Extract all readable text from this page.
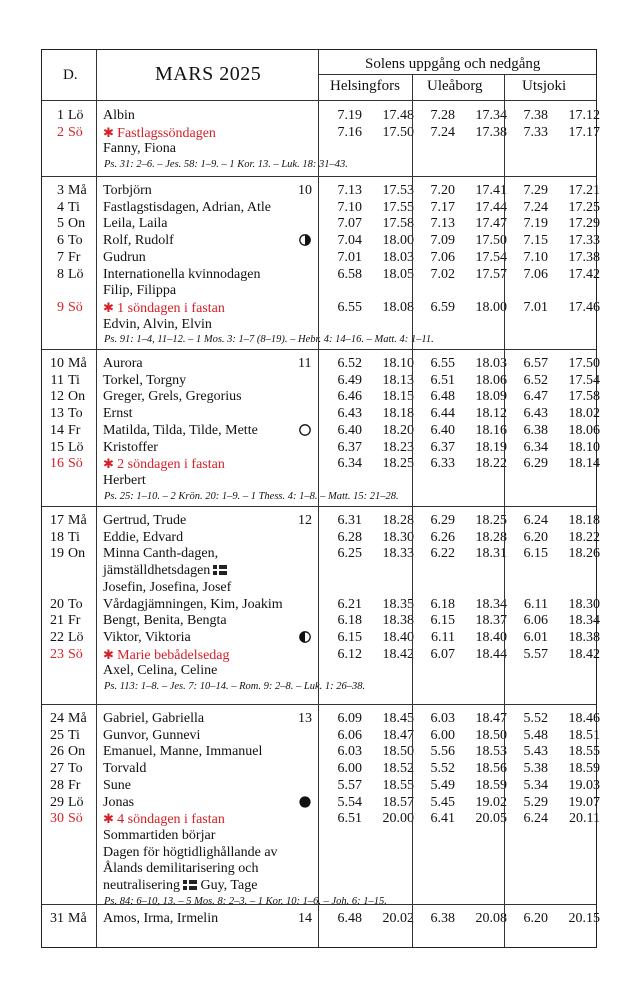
D.	MARS 2025	Solens uppgång och nedgång
Helsingfors Uleåborg	Utsjoki
1 Lö Albin	7.19	17.48	7.28	17.34	7.38	17.12
2 Sö ✱ Fastlagssöndagen	7.16	17.50	7.24	17.38	7.33	17.17
Fanny, Fiona
Ps. 31: 2–6. – Jes. 58: 1–9. – 1 Kor. 13. – Luk. 18: 31–43.
3 Må Torbjörn	10	7.13	17.53	7.20	17.41	7.29	17.21
4 Ti Fastlagstisdagen, Adrian, Atle	7.10	17.55	7.17	17.44	7.24	17.25
5 On Leila, Laila	7.07	17.58	7.13	17.47	7.19	17.29
6 To Rolf, Rudolf	7.04	18.00	7.09	17.50	7.15	17.33
7 Fr Gudrun	7.01	18.03	7.06	17.54	7.10	17.38
8 Lö Internationella kvinnodagen	6.58	18.05	7.02	17.57	7.06	17.42
Filip, Filippa
9 Sö ✱ 1 söndagen i fastan	6.55	18.08	6.59	18.00	7.01	17.46
Edvin, Alvin, Elvin
Ps. 91: 1–4, 11–12. – 1 Mos. 3: 1–7 (8–19). – Hebr. 4: 14–16. – Matt. 4: 1–11.
10 Må Aurora	11	6.52	18.10	6.55	18.03	6.57	17.50
11 Ti Torkel, Torgny	6.49	18.13	6.51	18.06	6.52	17.54
12 On Greger, Grels, Gregorius	6.46	18.15	6.48	18.09	6.47	17.58
13 To Ernst	6.43	18.18	6.44	18.12	6.43	18.02
14 Fr Matilda, Tilda, Tilde, Mette	6.40	18.20	6.40	18.16	6.38	18.06
15 Lö Kristoffer	6.37	18.23	6.37	18.19	6.34	18.10
16 Sö ✱ 2 söndagen i fastan	6.34	18.25	6.33	18.22	6.29	18.14
Herbert
Ps. 25: 1–10. – 2 Krön. 20: 1–9. – 1 Thess. 4: 1–8. – Matt. 15: 21–28.
17 Må Gertrud, Trude	12	6.31	18.28	6.29	18.25	6.24	18.18
18 Ti Eddie, Edvard	6.28	18.30	6.26	18.28	6.20	18.22
19 On Minna Canth-dagen,	6.25	18.33	6.22	18.31	6.15	18.26
jämställdhetsdagen
Josefin, Josefina, Josef
20 To Vårdagjämningen, Kim, Joakim	6.21	18.35	6.18	18.34	6.11	18.30
21 Fr Bengt, Benita, Bengta	6.18	18.38	6.15	18.37	6.06	18.34
22 Lö Viktor, Viktoria	6.15	18.40	6.11	18.40	6.01	18.38
23 Sö ✱ Marie bebådelsedag	6.12	18.42	6.07	18.44	5.57	18.42
Axel, Celina, Celine
Ps. 113: 1–8. – Jes. 7: 10–14. – Rom. 9: 2–8. – Luk. 1: 26–38.
24 Må Gabriel, Gabriella	13	6.09	18.45	6.03	18.47	5.52	18.46
25 Ti Gunvor, Gunnevi	6.06	18.47	6.00	18.50	5.48	18.51
26 On Emanuel, Manne, Immanuel	6.03	18.50	5.56	18.53	5.43	18.55
27 To Torvald	6.00	18.52	5.52	18.56	5.38	18.59
28 Fr Sune	5.57	18.55	5.49	18.59	5.34	19.03
29 Lö Jonas	5.54	18.57	5.45	19.02	5.29	19.07
30 Sö ✱ 4 söndagen i fastan	6.51	20.00	6.41	20.05	6.24	20.11
Sommartiden börjar
Dagen för högtidlighållande av
Ålands demilitarisering och
neutralisering Guy, Tage
Ps. 84: 6–10, 13. – 5 Mos. 8: 2–3. – 1 Kor. 10: 1–6. – Joh. 6: 1–15.
31 Må Amos, Irma, Irmelin	14	6.48	20.02	6.38	20.08	6.20	20.15
